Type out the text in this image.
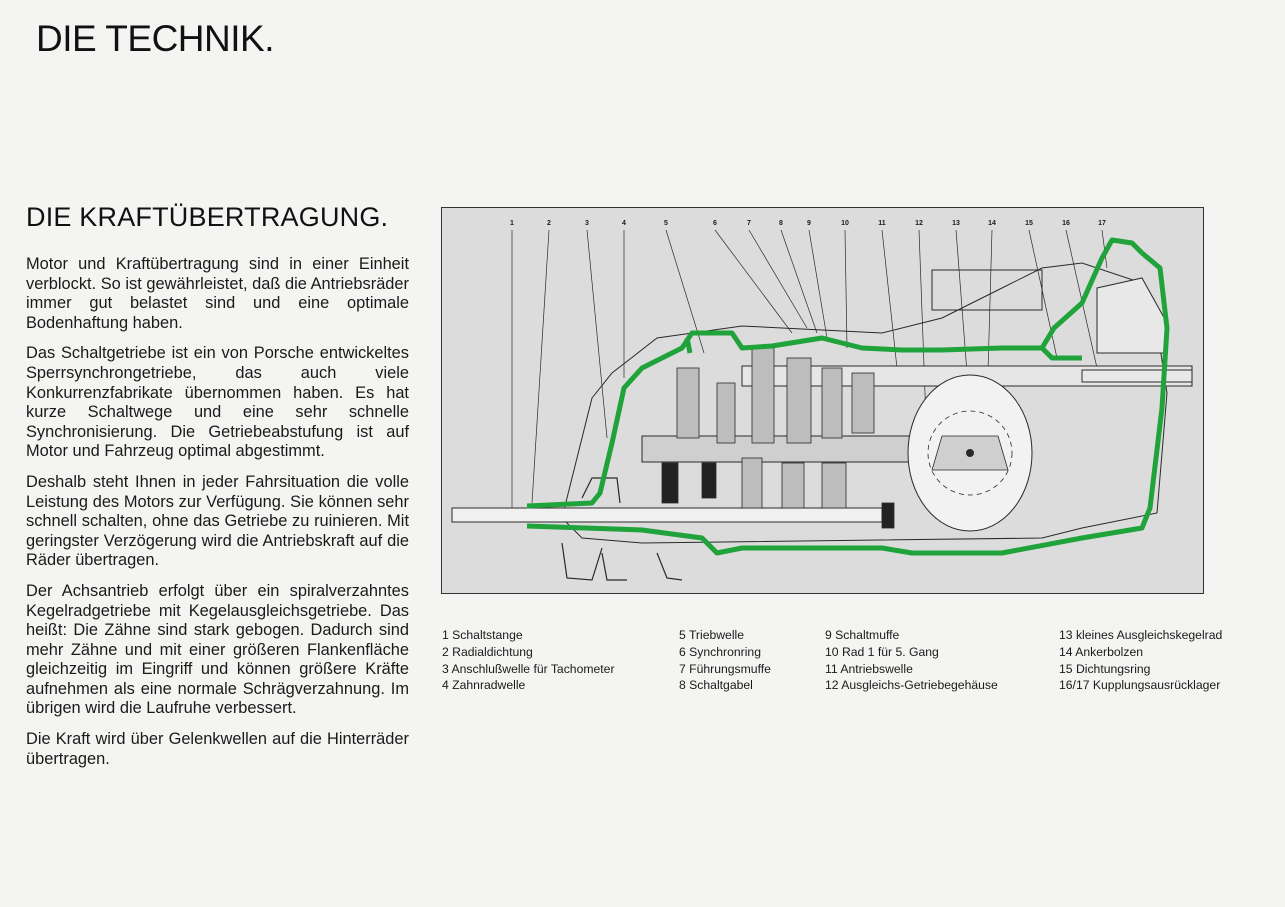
DIE TECHNIK.
DIE KRAFTÜBERTRAGUNG.

Motor und Kraftübertragung sind in einer Einheit verblockt. So ist gewährleistet, daß die Antriebsräder immer gut belastet sind und eine optimale Bodenhaftung haben.

Das Schaltgetriebe ist ein von Porsche entwickeltes Sperrsynchrongetriebe, das auch viele Konkurrenzfabrikate übernommen haben. Es hat kurze Schaltwege und eine sehr schnelle Synchronisierung. Die Getriebeabstufung ist auf Motor und Fahrzeug optimal abgestimmt.

Deshalb steht Ihnen in jeder Fahrsituation die volle Leistung des Motors zur Verfügung. Sie können sehr schnell schalten, ohne das Getriebe zu ruinieren. Mit geringster Verzögerung wird die Antriebskraft auf die Räder übertragen.

Der Achsantrieb erfolgt über ein spiralverzahntes Kegelradgetriebe mit Kegelausgleichsgetriebe. Das heißt: Die Zähne sind stark gebogen. Dadurch sind mehr Zähne und mit einer größeren Flankenfläche gleichzeitig im Eingriff und können größere Kräfte aufnehmen als eine normale Schrägverzahnung. Im übrigen wird die Laufruhe verbessert.

Die Kraft wird über Gelenkwellen auf die Hinterräder übertragen.

1	2	3	4	5	6	7	8	9	10	11	12	13	14	15	16	17
1 Schaltstange
2 Radialdichtung
3 Anschlußwelle für Tachometer
4 Zahnradwelle
5 Triebwelle
6 Synchronring
7 Führungsmuffe
8 Schaltgabel
9 Schaltmuffe
10 Rad 1 für 5. Gang
11 Antriebswelle
12 Ausgleichs-Getriebegehäuse
13 kleines Ausgleichskegelrad
14 Ankerbolzen
15 Dichtungsring
16/17 Kupplungsausrücklager
